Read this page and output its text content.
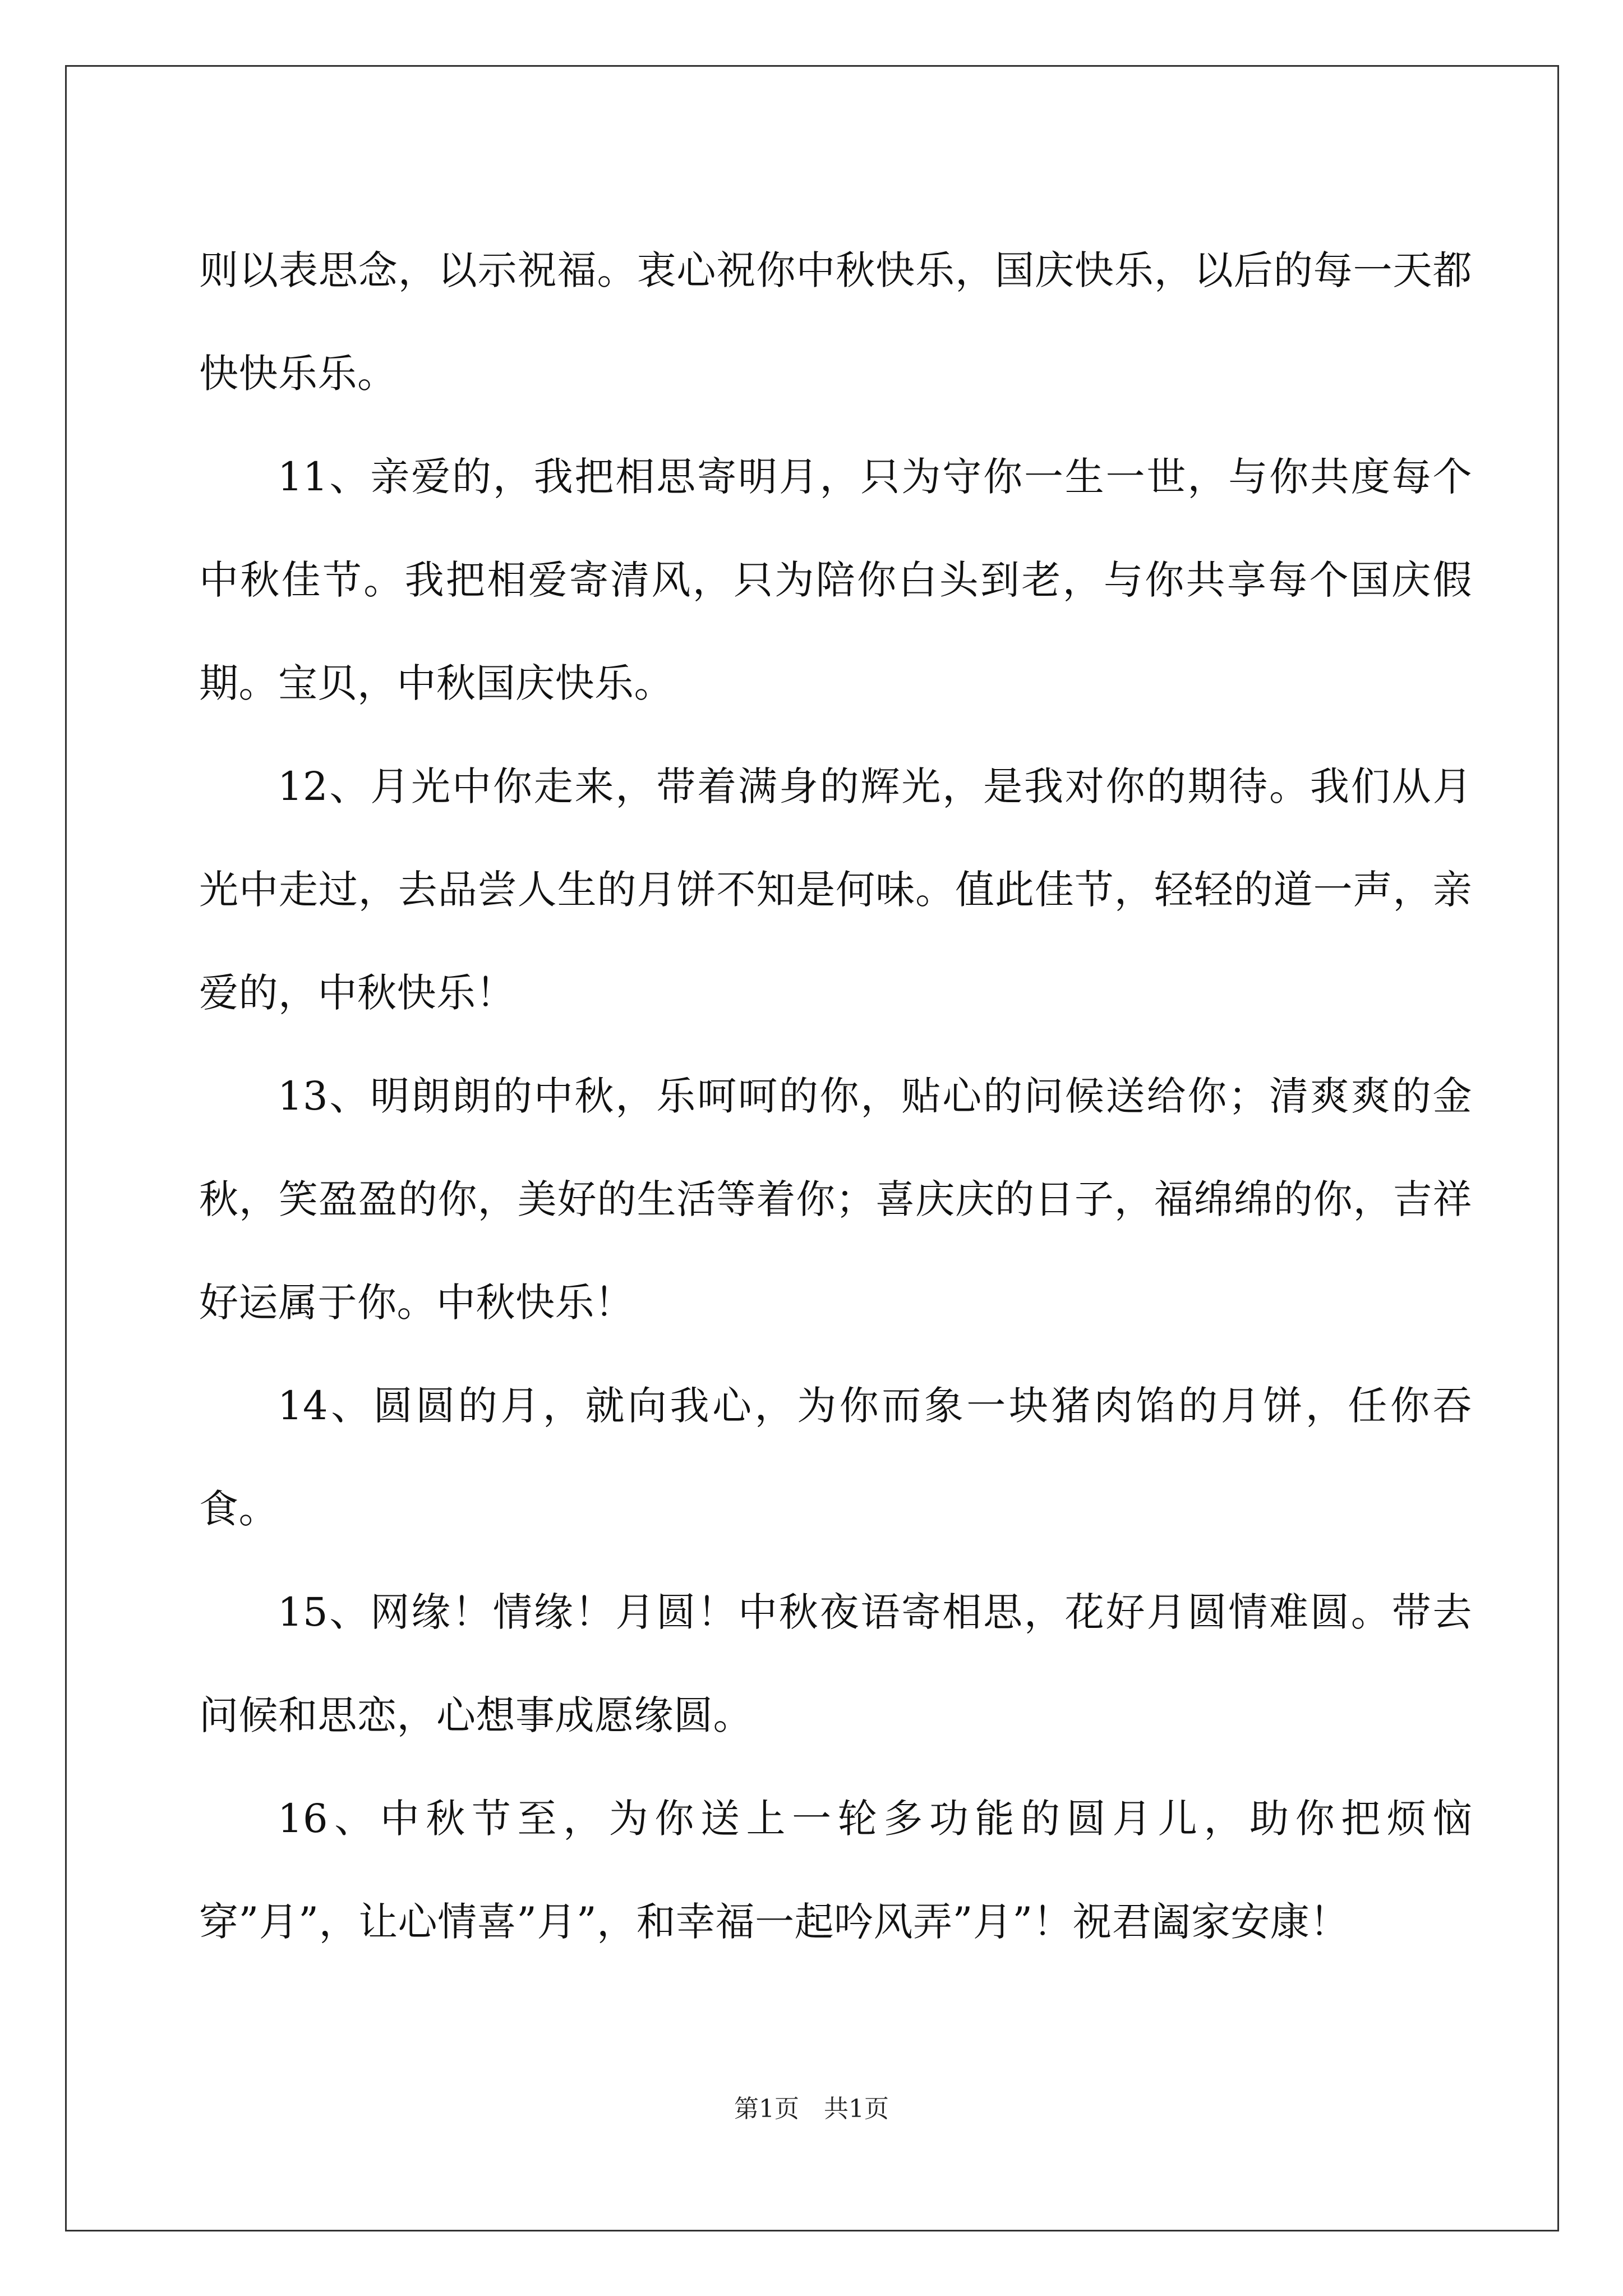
则以表思念，以示祝福。衷心祝你中秋快乐，国庆快乐，以后的每一天都快快乐乐。

11、亲爱的，我把相思寄明月，只为守你一生一世，与你共度每个中秋佳节。我把相爱寄清风，只为陪你白头到老，与你共享每个国庆假期。宝贝，中秋国庆快乐。

12、月光中你走来，带着满身的辉光，是我对你的期待。我们从月光中走过，去品尝人生的月饼不知是何味。值此佳节，轻轻的道一声，亲爱的，中秋快乐！

13、明朗朗的中秋，乐呵呵的你，贴心的问候送给你；清爽爽的金秋，笑盈盈的你，美好的生活等着你；喜庆庆的日子，福绵绵的你，吉祥好运属于你。中秋快乐！

14、圆圆的月，就向我心，为你而象一块猪肉馅的月饼，任你吞食。

15、网缘！情缘！月圆！中秋夜语寄相思，花好月圆情难圆。带去问候和思恋，心想事成愿缘圆。

16、中秋节至，为你送上一轮多功能的圆月儿，助你把烦恼穿”月”，让心情喜”月”，和幸福一起吟风弄”月”！祝君阖家安康！

第1页　共1页
